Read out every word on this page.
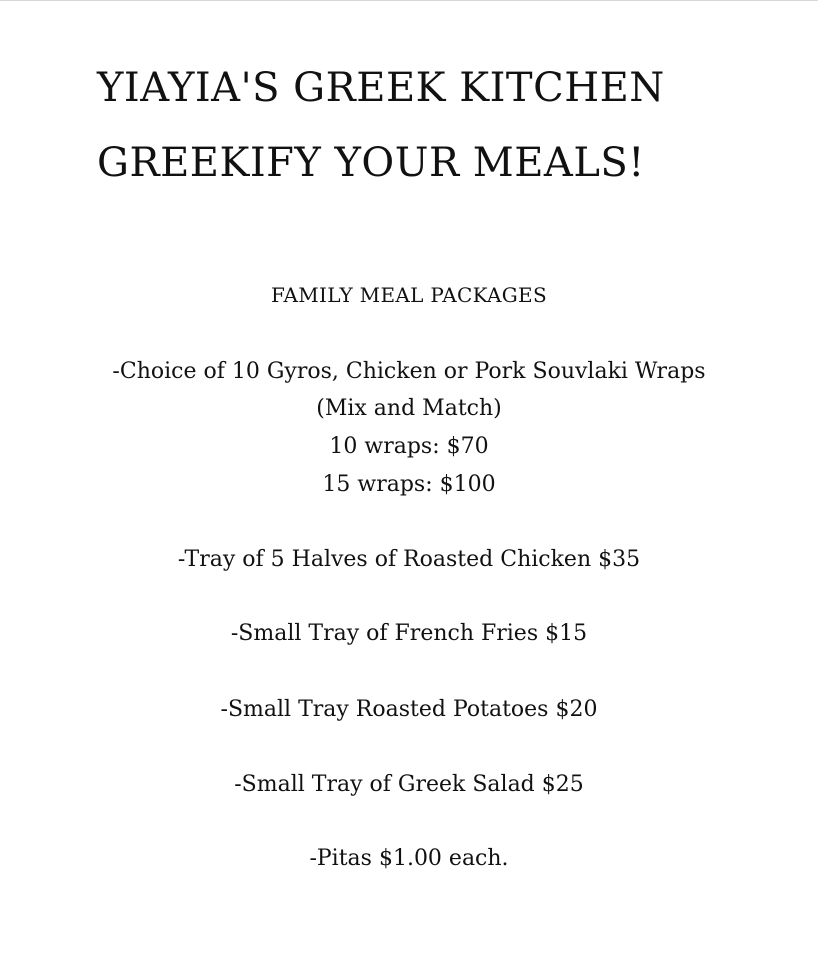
YIAYIA'S GREEK KITCHEN
GREEKIFY YOUR MEALS!
FAMILY MEAL PACKAGES
-Choice of 10 Gyros, Chicken or Pork Souvlaki Wraps
(Mix and Match)
10 wraps: $70
15 wraps: $100
-Tray of 5 Halves of Roasted Chicken $35
-Small Tray of French Fries $15
-Small Tray Roasted Potatoes $20
-Small Tray of Greek Salad $25
-Pitas $1.00 each.
